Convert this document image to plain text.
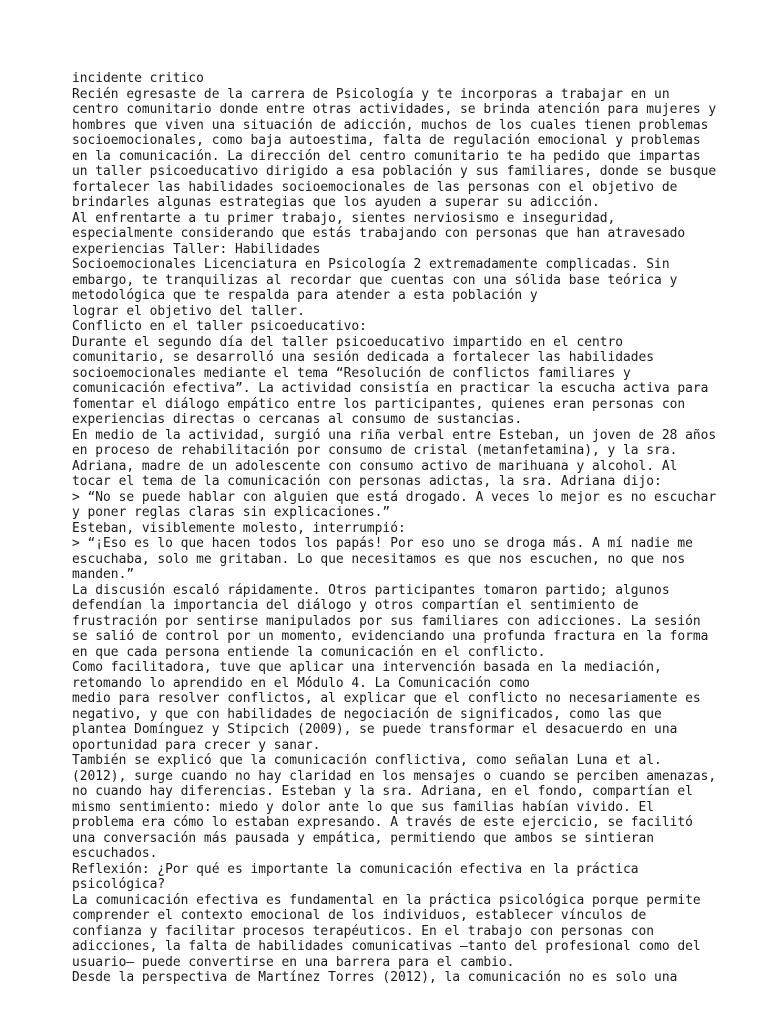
incidente critico
Recién egresaste de la carrera de Psicología y te incorporas a trabajar en un
centro comunitario donde entre otras actividades, se brinda atención para mujeres y
hombres que viven una situación de adicción, muchos de los cuales tienen problemas
socioemocionales, como baja autoestima, falta de regulación emocional y problemas
en la comunicación. La dirección del centro comunitario te ha pedido que impartas
un taller psicoeducativo dirigido a esa población y sus familiares, donde se busque
fortalecer las habilidades socioemocionales de las personas con el objetivo de
brindarles algunas estrategias que los ayuden a superar su adicción.
Al enfrentarte a tu primer trabajo, sientes nerviosismo e inseguridad,
especialmente considerando que estás trabajando con personas que han atravesado
experiencias Taller: Habilidades
Socioemocionales Licenciatura en Psicología 2 extremadamente complicadas. Sin
embargo, te tranquilizas al recordar que cuentas con una sólida base teórica y
metodológica que te respalda para atender a esta población y
lograr el objetivo del taller.
Conflicto en el taller psicoeducativo:
Durante el segundo día del taller psicoeducativo impartido en el centro
comunitario, se desarrolló una sesión dedicada a fortalecer las habilidades
socioemocionales mediante el tema “Resolución de conflictos familiares y
comunicación efectiva”. La actividad consistía en practicar la escucha activa para
fomentar el diálogo empático entre los participantes, quienes eran personas con
experiencias directas o cercanas al consumo de sustancias.
En medio de la actividad, surgió una riña verbal entre Esteban, un joven de 28 años
en proceso de rehabilitación por consumo de cristal (metanfetamina), y la sra.
Adriana, madre de un adolescente con consumo activo de marihuana y alcohol. Al
tocar el tema de la comunicación con personas adictas, la sra. Adriana dijo:
> “No se puede hablar con alguien que está drogado. A veces lo mejor es no escuchar
y poner reglas claras sin explicaciones.”
Esteban, visiblemente molesto, interrumpió:
> “¡Eso es lo que hacen todos los papás! Por eso uno se droga más. A mí nadie me
escuchaba, solo me gritaban. Lo que necesitamos es que nos escuchen, no que nos
manden.”
La discusión escaló rápidamente. Otros participantes tomaron partido; algunos
defendían la importancia del diálogo y otros compartían el sentimiento de
frustración por sentirse manipulados por sus familiares con adicciones. La sesión
se salió de control por un momento, evidenciando una profunda fractura en la forma
en que cada persona entiende la comunicación en el conflicto.
Como facilitadora, tuve que aplicar una intervención basada en la mediación,
retomando lo aprendido en el Módulo 4. La Comunicación como
medio para resolver conflictos, al explicar que el conflicto no necesariamente es
negativo, y que con habilidades de negociación de significados, como las que
plantea Domínguez y Stipcich (2009), se puede transformar el desacuerdo en una
oportunidad para crecer y sanar.
También se explicó que la comunicación conflictiva, como señalan Luna et al.
(2012), surge cuando no hay claridad en los mensajes o cuando se perciben amenazas,
no cuando hay diferencias. Esteban y la sra. Adriana, en el fondo, compartían el
mismo sentimiento: miedo y dolor ante lo que sus familias habían vivido. El
problema era cómo lo estaban expresando. A través de este ejercicio, se facilitó
una conversación más pausada y empática, permitiendo que ambos se sintieran
escuchados.
Reflexión: ¿Por qué es importante la comunicación efectiva en la práctica
psicológica?
La comunicación efectiva es fundamental en la práctica psicológica porque permite
comprender el contexto emocional de los individuos, establecer vínculos de
confianza y facilitar procesos terapéuticos. En el trabajo con personas con
adicciones, la falta de habilidades comunicativas —tanto del profesional como del
usuario— puede convertirse en una barrera para el cambio.
Desde la perspectiva de Martínez Torres (2012), la comunicación no es solo una
